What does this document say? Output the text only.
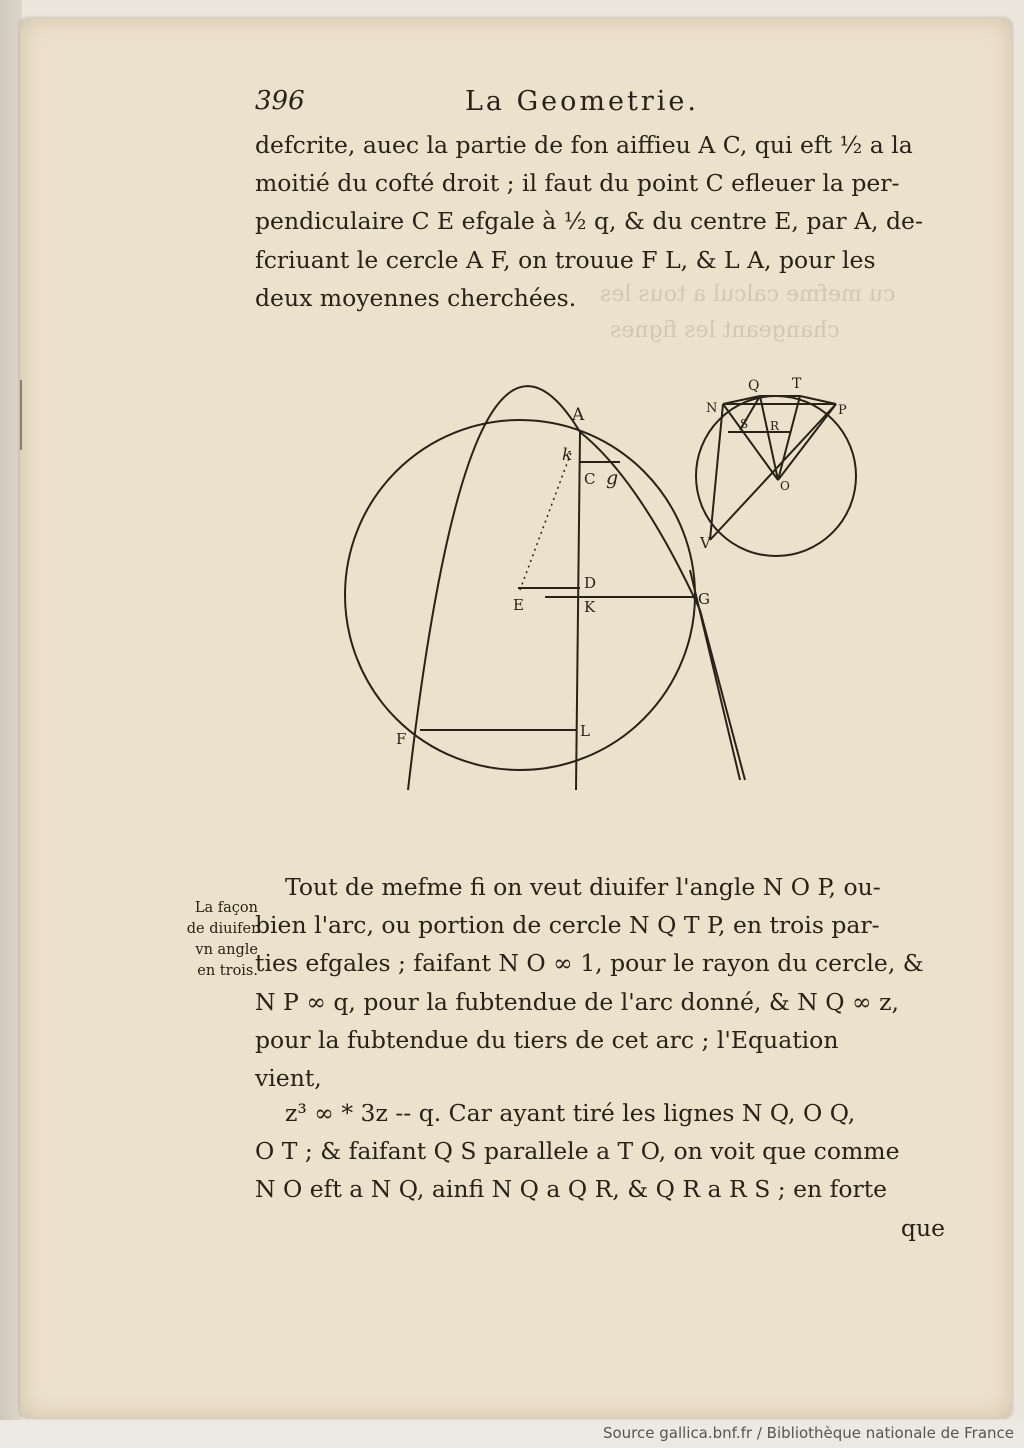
cu mefme calcul a tous les
changeant les fignes
396	La Geometrie.
defcrite, auec la partie de fon aiffieu A C, qui eft ½ a la
moitié du cofté droit ; il faut du point C efleuer la per-
pendiculaire C E efgale à ½ q, & du centre E, par A, de-
fcriuant le cercle A F, on trouue F L, & L A, pour les
deux moyennes cherchées.
A
k
C g
D
E	K	G
F	L
Q T
N	P
S R
O
V
La façon
de diuifer
vn angle
en trois.
Tout de mefme fi on veut diuifer l'angle N O P, ou-
bien l'arc, ou portion de cercle N Q T P, en trois par-
ties efgales ; faifant N O ∞ 1, pour le rayon du cercle, &
N P ∞ q, pour la fubtendue de l'arc donné, & N Q ∞ z,
pour la fubtendue du tiers de cet arc ; l'Equation
vient,
z³ ∞ * 3z -- q. Car ayant tiré les lignes N Q, O Q,
O T ; & faifant Q S parallele a T O, on voit que comme
N O eft a N Q, ainfi N Q a Q R, & Q R a R S ; en forte
que
Source gallica.bnf.fr / Bibliothèque nationale de France
